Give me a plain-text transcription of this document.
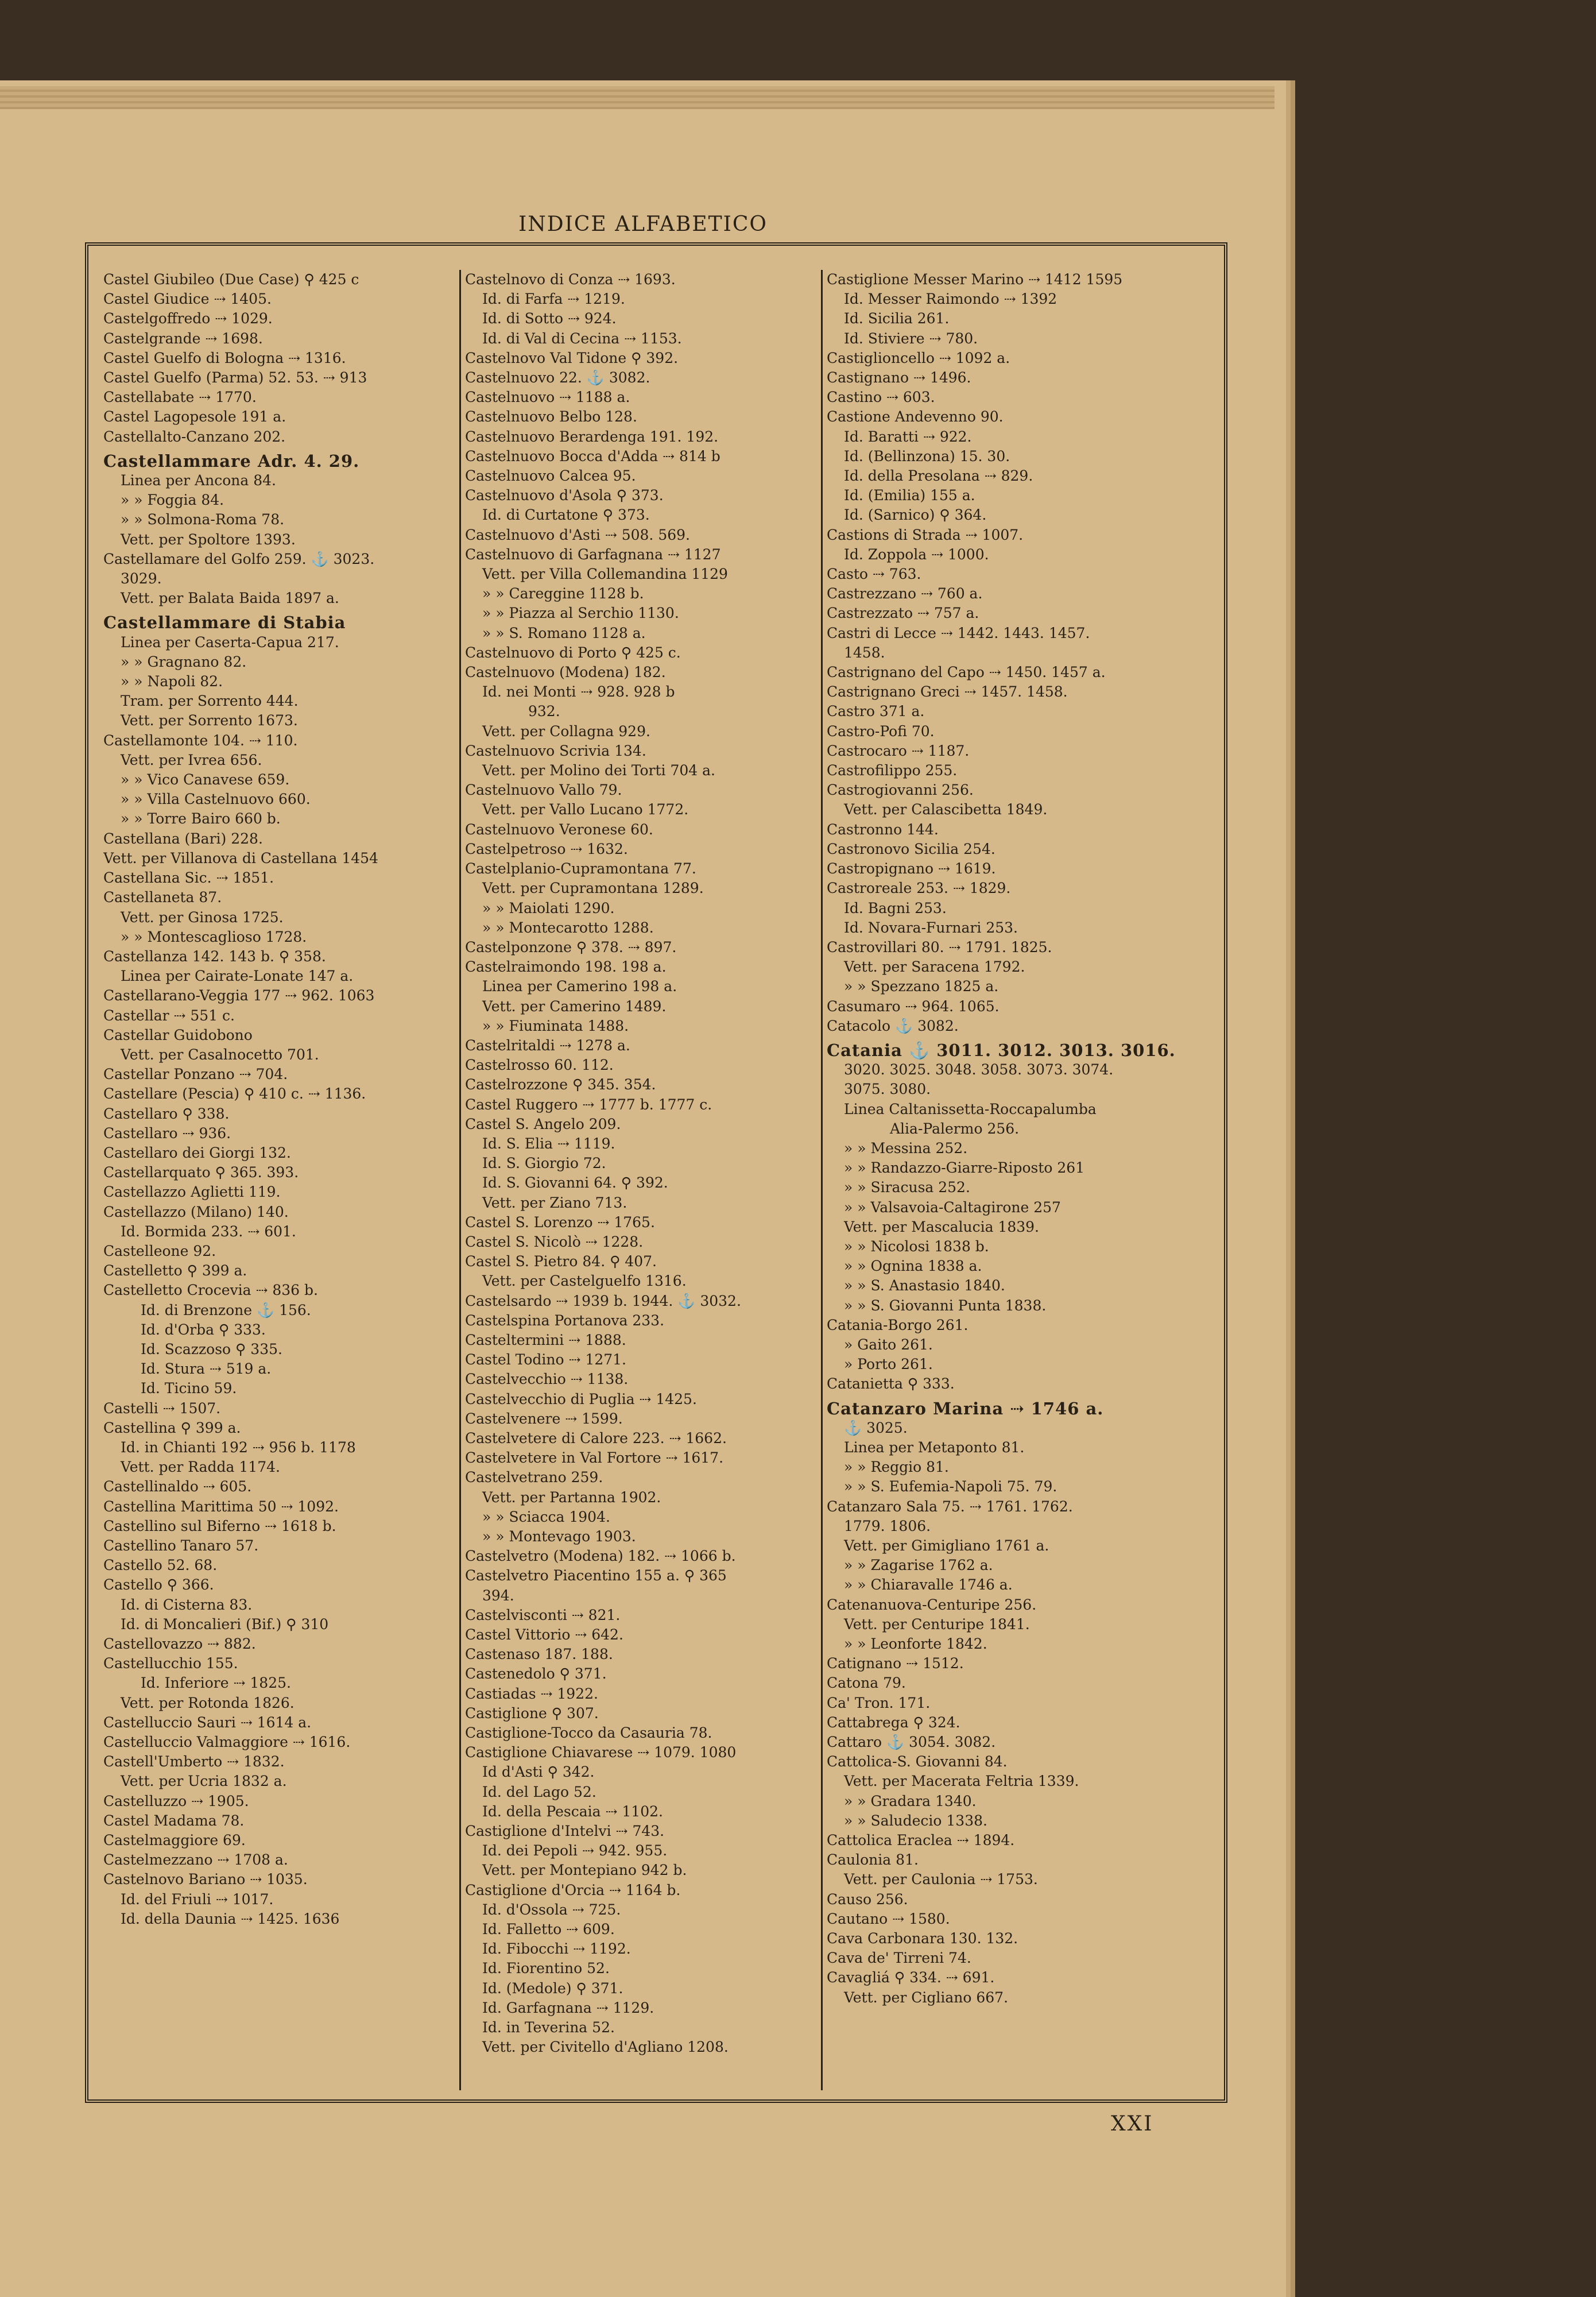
INDICE ALFABETICO
Castel Giubileo (Due Case) ⚲ 425 c
Castel Giudice ⇢ 1405.
Castelgoffredo ⇢ 1029.
Castelgrande ⇢ 1698.
Castel Guelfo di Bologna ⇢ 1316.
Castel Guelfo (Parma) 52. 53. ⇢ 913
Castellabate ⇢ 1770.
Castel Lagopesole 191 a.
Castellalto-Canzano 202.
Castellammare Adr. 4. 29.
Linea per Ancona 84.
» » Foggia 84.
» » Solmona-Roma 78.
Vett. per Spoltore 1393.
Castellamare del Golfo 259. ⚓ 3023.
3029.
Vett. per Balata Baida 1897 a.
Castellammare di Stabia
Linea per Caserta-Capua 217.
» » Gragnano 82.
» » Napoli 82.
Tram. per Sorrento 444.
Vett. per Sorrento 1673.
Castellamonte 104. ⇢ 110.
Vett. per Ivrea 656.
» » Vico Canavese 659.
» » Villa Castelnuovo 660.
» » Torre Bairo 660 b.
Castellana (Bari) 228.
Vett. per Villanova di Castellana 1454
Castellana Sic. ⇢ 1851.
Castellaneta 87.
Vett. per Ginosa 1725.
» » Montescaglioso 1728.
Castellanza 142. 143 b. ⚲ 358.
Linea per Cairate-Lonate 147 a.
Castellarano-Veggia 177 ⇢ 962. 1063
Castellar ⇢ 551 c.
Castellar Guidobono
Vett. per Casalnocetto 701.
Castellar Ponzano ⇢ 704.
Castellare (Pescia) ⚲ 410 c. ⇢ 1136.
Castellaro ⚲ 338.
Castellaro ⇢ 936.
Castellaro dei Giorgi 132.
Castellarquato ⚲ 365. 393.
Castellazzo Aglietti 119.
Castellazzo (Milano) 140.
Id. Bormida 233. ⇢ 601.
Castelleone 92.
Castelletto ⚲ 399 a.
Castelletto Crocevia ⇢ 836 b.
Id. di Brenzone ⚓ 156.
Id. d'Orba ⚲ 333.
Id. Scazzoso ⚲ 335.
Id. Stura ⇢ 519 a.
Id. Ticino 59.
Castelli ⇢ 1507.
Castellina ⚲ 399 a.
Id. in Chianti 192 ⇢ 956 b. 1178
Vett. per Radda 1174.
Castellinaldo ⇢ 605.
Castellina Marittima 50 ⇢ 1092.
Castellino sul Biferno ⇢ 1618 b.
Castellino Tanaro 57.
Castello 52. 68.
Castello ⚲ 366.
Id. di Cisterna 83.
Id. di Moncalieri (Bif.) ⚲ 310
Castellovazzo ⇢ 882.
Castellucchio 155.
Id. Inferiore ⇢ 1825.
Vett. per Rotonda 1826.
Castelluccio Sauri ⇢ 1614 a.
Castelluccio Valmaggiore ⇢ 1616.
Castell'Umberto ⇢ 1832.
Vett. per Ucria 1832 a.
Castelluzzo ⇢ 1905.
Castel Madama 78.
Castelmaggiore 69.
Castelmezzano ⇢ 1708 a.
Castelnovo Bariano ⇢ 1035.
Id. del Friuli ⇢ 1017.
Id. della Daunia ⇢ 1425. 1636
Castelnovo di Conza ⇢ 1693.
Id. di Farfa ⇢ 1219.
Id. di Sotto ⇢ 924.
Id. di Val di Cecina ⇢ 1153.
Castelnovo Val Tidone ⚲ 392.
Castelnuovo 22. ⚓ 3082.
Castelnuovo ⇢ 1188 a.
Castelnuovo Belbo 128.
Castelnuovo Berardenga 191. 192.
Castelnuovo Bocca d'Adda ⇢ 814 b
Castelnuovo Calcea 95.
Castelnuovo d'Asola ⚲ 373.
Id. di Curtatone ⚲ 373.
Castelnuovo d'Asti ⇢ 508. 569.
Castelnuovo di Garfagnana ⇢ 1127
Vett. per Villa Collemandina 1129
» » Careggine 1128 b.
» » Piazza al Serchio 1130.
» » S. Romano 1128 a.
Castelnuovo di Porto ⚲ 425 c.
Castelnuovo (Modena) 182.
Id. nei Monti ⇢ 928. 928 b
932.
Vett. per Collagna 929.
Castelnuovo Scrivia 134.
Vett. per Molino dei Torti 704 a.
Castelnuovo Vallo 79.
Vett. per Vallo Lucano 1772.
Castelnuovo Veronese 60.
Castelpetroso ⇢ 1632.
Castelplanio-Cupramontana 77.
Vett. per Cupramontana 1289.
» » Maiolati 1290.
» » Montecarotto 1288.
Castelponzone ⚲ 378. ⇢ 897.
Castelraimondo 198. 198 a.
Linea per Camerino 198 a.
Vett. per Camerino 1489.
» » Fiuminata 1488.
Castelritaldi ⇢ 1278 a.
Castelrosso 60. 112.
Castelrozzone ⚲ 345. 354.
Castel Ruggero ⇢ 1777 b. 1777 c.
Castel S. Angelo 209.
Id. S. Elia ⇢ 1119.
Id. S. Giorgio 72.
Id. S. Giovanni 64. ⚲ 392.
Vett. per Ziano 713.
Castel S. Lorenzo ⇢ 1765.
Castel S. Nicolò ⇢ 1228.
Castel S. Pietro 84. ⚲ 407.
Vett. per Castelguelfo 1316.
Castelsardo ⇢ 1939 b. 1944. ⚓ 3032.
Castelspina Portanova 233.
Casteltermini ⇢ 1888.
Castel Todino ⇢ 1271.
Castelvecchio ⇢ 1138.
Castelvecchio di Puglia ⇢ 1425.
Castelvenere ⇢ 1599.
Castelvetere di Calore 223. ⇢ 1662.
Castelvetere in Val Fortore ⇢ 1617.
Castelvetrano 259.
Vett. per Partanna 1902.
» » Sciacca 1904.
» » Montevago 1903.
Castelvetro (Modena) 182. ⇢ 1066 b.
Castelvetro Piacentino 155 a. ⚲ 365
394.
Castelvisconti ⇢ 821.
Castel Vittorio ⇢ 642.
Castenaso 187. 188.
Castenedolo ⚲ 371.
Castiadas ⇢ 1922.
Castiglione ⚲ 307.
Castiglione-Tocco da Casauria 78.
Castiglione Chiavarese ⇢ 1079. 1080
Id d'Asti ⚲ 342.
Id. del Lago 52.
Id. della Pescaia ⇢ 1102.
Castiglione d'Intelvi ⇢ 743.
Id. dei Pepoli ⇢ 942. 955.
Vett. per Montepiano 942 b.
Castiglione d'Orcia ⇢ 1164 b.
Id. d'Ossola ⇢ 725.
Id. Falletto ⇢ 609.
Id. Fibocchi ⇢ 1192.
Id. Fiorentino 52.
Id. (Medole) ⚲ 371.
Id. Garfagnana ⇢ 1129.
Id. in Teverina 52.
Vett. per Civitello d'Agliano 1208.
Castiglione Messer Marino ⇢ 1412 1595
Id. Messer Raimondo ⇢ 1392
Id. Sicilia 261.
Id. Stiviere ⇢ 780.
Castiglioncello ⇢ 1092 a.
Castignano ⇢ 1496.
Castino ⇢ 603.
Castione Andevenno 90.
Id. Baratti ⇢ 922.
Id. (Bellinzona) 15. 30.
Id. della Presolana ⇢ 829.
Id. (Emilia) 155 a.
Id. (Sarnico) ⚲ 364.
Castions di Strada ⇢ 1007.
Id. Zoppola ⇢ 1000.
Casto ⇢ 763.
Castrezzano ⇢ 760 a.
Castrezzato ⇢ 757 a.
Castri di Lecce ⇢ 1442. 1443. 1457.
1458.
Castrignano del Capo ⇢ 1450. 1457 a.
Castrignano Greci ⇢ 1457. 1458.
Castro 371 a.
Castro-Pofi 70.
Castrocaro ⇢ 1187.
Castrofilippo 255.
Castrogiovanni 256.
Vett. per Calascibetta 1849.
Castronno 144.
Castronovo Sicilia 254.
Castropignano ⇢ 1619.
Castroreale 253. ⇢ 1829.
Id. Bagni 253.
Id. Novara-Furnari 253.
Castrovillari 80. ⇢ 1791. 1825.
Vett. per Saracena 1792.
» » Spezzano 1825 a.
Casumaro ⇢ 964. 1065.
Catacolo ⚓ 3082.
Catania ⚓ 3011. 3012. 3013. 3016.
3020. 3025. 3048. 3058. 3073. 3074.
3075. 3080.
Linea Caltanissetta-Roccapalumba
Alia-Palermo 256.
» » Messina 252.
» » Randazzo-Giarre-Riposto 261
» » Siracusa 252.
» » Valsavoia-Caltagirone 257
Vett. per Mascalucia 1839.
» » Nicolosi 1838 b.
» » Ognina 1838 a.
» » S. Anastasio 1840.
» » S. Giovanni Punta 1838.
Catania-Borgo 261.
» Gaito 261.
» Porto 261.
Catanietta ⚲ 333.
Catanzaro Marina ⇢ 1746 a.
⚓ 3025.
Linea per Metaponto 81.
» » Reggio 81.
» » S. Eufemia-Napoli 75. 79.
Catanzaro Sala 75. ⇢ 1761. 1762.
1779. 1806.
Vett. per Gimigliano 1761 a.
» » Zagarise 1762 a.
» » Chiaravalle 1746 a.
Catenanuova-Centuripe 256.
Vett. per Centuripe 1841.
» » Leonforte 1842.
Catignano ⇢ 1512.
Catona 79.
Ca' Tron. 171.
Cattabrega ⚲ 324.
Cattaro ⚓ 3054. 3082.
Cattolica-S. Giovanni 84.
Vett. per Macerata Feltria 1339.
» » Gradara 1340.
» » Saludecio 1338.
Cattolica Eraclea ⇢ 1894.
Caulonia 81.
Vett. per Caulonia ⇢ 1753.
Causo 256.
Cautano ⇢ 1580.
Cava Carbonara 130. 132.
Cava de' Tirreni 74.
Cavagliá ⚲ 334. ⇢ 691.
Vett. per Cigliano 667.
XXI
